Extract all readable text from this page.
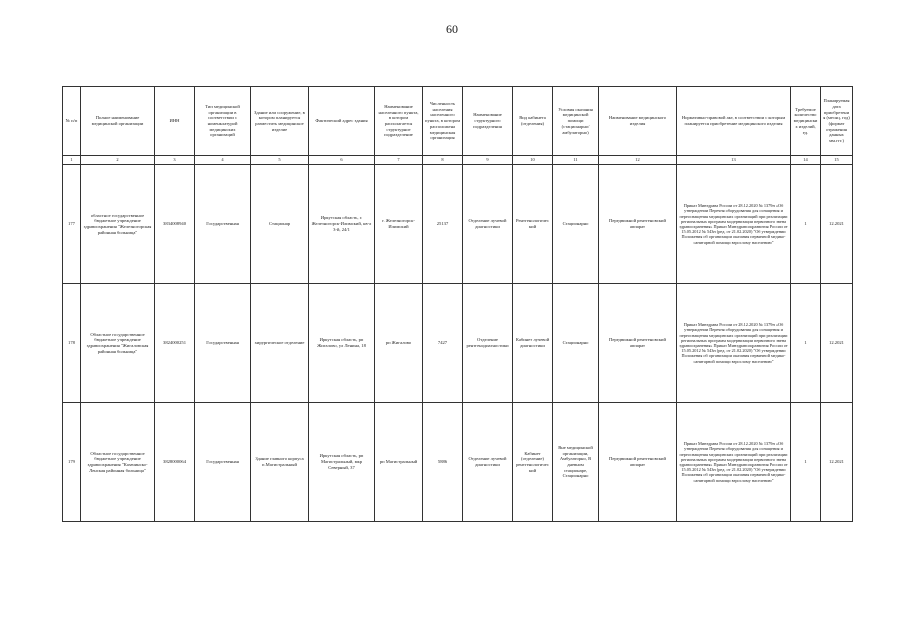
60
№ п/п	Полное наименование медицинской организации	ИНН	Тип медицинской организации в соответствии с номенклатурой медицинских организаций	Здание или сооружение, в котором планируется разместить медицинское изделие	Фактический адрес здания	Наименование населенного пункта, в котором располагается структурное подразделение	Численность населения населенного пункта, в котором расположена медицинская организация	Наименование структурного подразделения	Вид кабинета (отделения)	Условия оказания медицинской помощи (стационарно/амбулаторно)	Наименование медицинского изделия	Нормативно-правовой акт, в соответствии с которым планируется приобретение медицинского изделия	Требуемое количество медицинских изделий, ед.	Планируемая дата приобретения (месяц, год) (формат отражения данных мм.ггг.)
1	2	3	4	5	6	7	8	9	10	11	12	13	14	15
177	областное государственное бюджетное учреждение здравоохранения "Железногорская районная больница"	3834008940	Государственная	Стационар	Иркутская область, г. Железногорск-Илимский, кв-л 3-й, 24/1	г. Железногорск-Илимский	25137	Отделение лучевой диагностики	Рентгенологический	Стационарно	Передвижной рентгеновский аппарат	Приказ Минздрава России от 28.12.2020 № 1379н «Об утверждении Перечня оборудования для оснащения и переоснащения медицинских организаций при реализации региональных программ модернизации первичного звена здравоохранения» Приказ Минздравсоцразвития России от 15.05.2012 № 543н (ред. от 21.02.2020) "Об утверждении Положения об организации оказания первичной медико-санитарной помощи взрослому населению"	1	12.2021
178	Областное государственное бюджетное учреждение здравоохранения "Жигаловская районная больница"	3824000251	Государственная	хирургическое отделение	Иркутская область, рп Жигалово, ул Ленина, 18	рп Жигалово	7427	Отделение рентгенодиагностики	Кабинет лучевой диагностики	Стационарно	Передвижной рентгеновский аппарат	Приказ Минздрава России от 28.12.2020 № 1379н «Об утверждении Перечня оборудования для оснащения и переоснащения медицинских организаций при реализации региональных программ модернизации первичного звена здравоохранения» Приказ Минздравсоцразвития России от 15.05.2012 № 543н (ред. от 21.02.2020) "Об утверждении Положения об организации оказания первичной медико-санитарной помощи взрослому населению"	1	12.2021
179	Областное государственное бюджетное учреждение здравоохранения "Казачинско-Ленская районная больница"	3828000064	Государственная	Здание главного корпуса п.Магистральный	Иркутская область, рп Магистральный, мкр Северный, 37	рп Магистральный	5886	Отделение лучевой диагностики	Кабинет (отделение) рентгенологический	Вне медицинской организации, Амбулаторно, В дневном стационаре, Стационарно	Передвижной рентгеновский аппарат	Приказ Минздрава России от 28.12.2020 № 1379н «Об утверждении Перечня оборудования для оснащения и переоснащения медицинских организаций при реализации региональных программ модернизации первичного звена здравоохранения» Приказ Минздравсоцразвития России от 15.05.2012 № 543н (ред. от 21.02.2020) "Об утверждении Положения об организации оказания первичной медико-санитарной помощи взрослому населению"	1	12.2021
